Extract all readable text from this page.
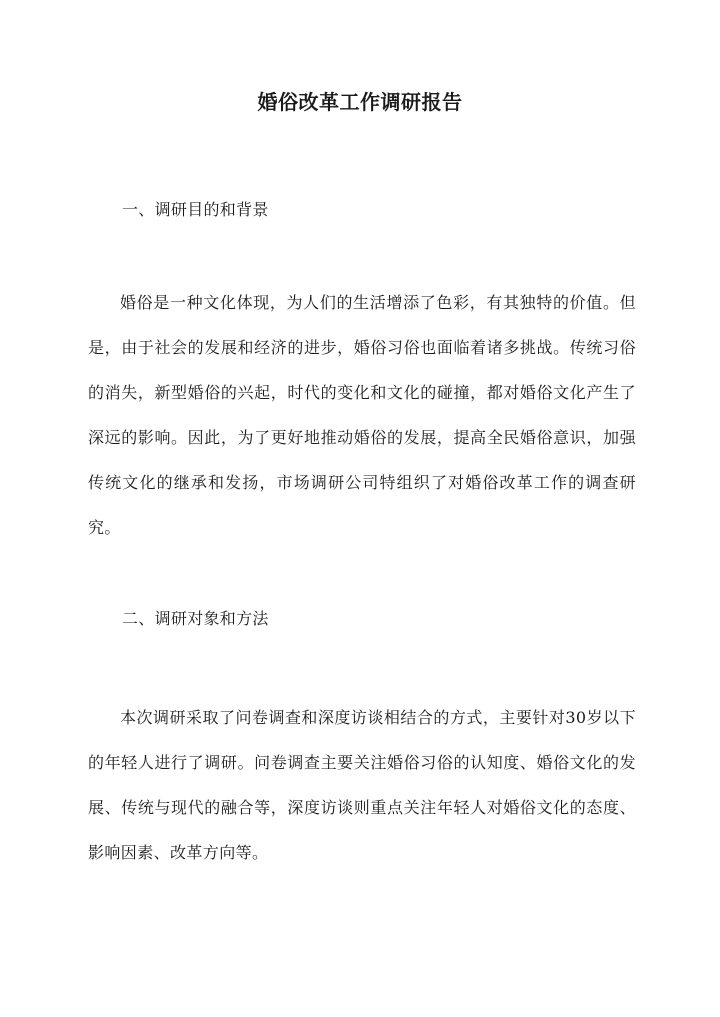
婚俗改革工作调研报告
一、调研目的和背景

婚俗是一种文化体现，为人们的生活增添了色彩，有其独特的价值。但是，由于社会的发展和经济的进步，婚俗习俗也面临着诸多挑战。传统习俗的消失，新型婚俗的兴起，时代的变化和文化的碰撞，都对婚俗文化产生了深远的影响。因此，为了更好地推动婚俗的发展，提高全民婚俗意识，加强传统文化的继承和发扬，市场调研公司特组织了对婚俗改革工作的调查研究。

二、调研对象和方法

本次调研采取了问卷调查和深度访谈相结合的方式，主要针对30岁以下的年轻人进行了调研。问卷调查主要关注婚俗习俗的认知度、婚俗文化的发展、传统与现代的融合等，深度访谈则重点关注年轻人对婚俗文化的态度、影响因素、改革方向等。
